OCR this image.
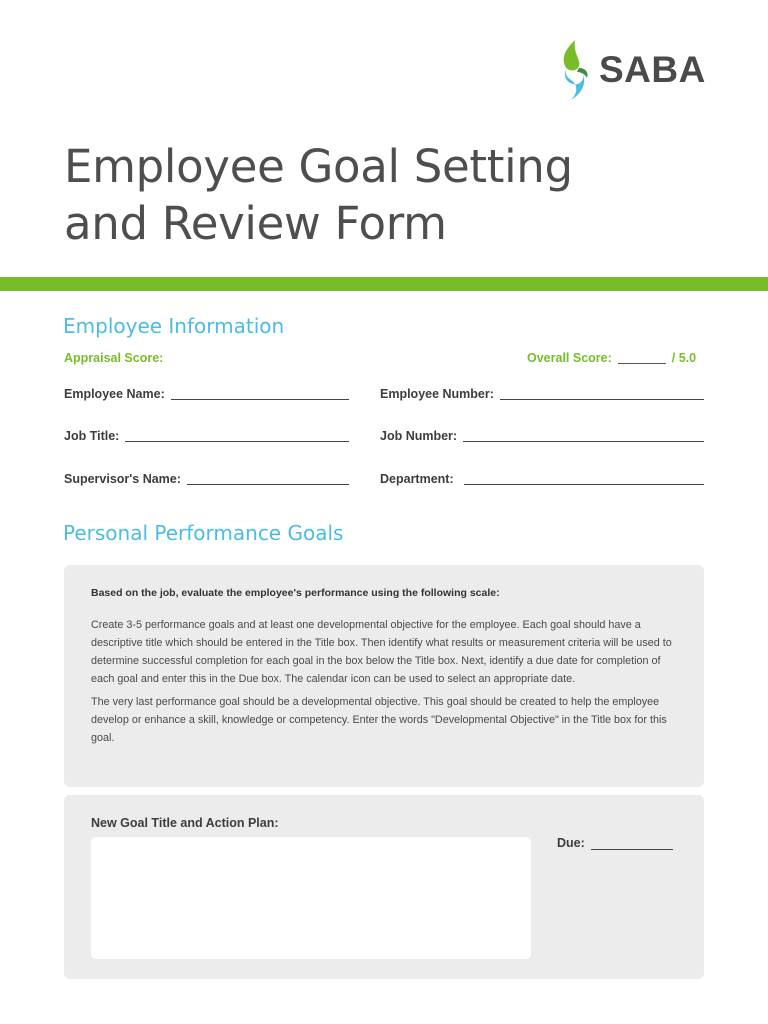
SABA
Employee Goal Setting
and Review Form
Employee Information
Appraisal Score:	Overall Score:	/ 5.0
Employee Name:	Employee Number:
Job Title:	Job Number:
Supervisor's Name:	Department:
Personal Performance Goals
Based on the job, evaluate the employee's performance using the following scale:

Create 3-5 performance goals and at least one developmental objective for the employee. Each goal should have a descriptive title which should be entered in the Title box. Then identify what results or measurement criteria will be used to determine successful completion for each goal in the box below the Title box. Next, identify a due date for completion of each goal and enter this in the Due box. The calendar icon can be used to select an appropriate date.

The very last performance goal should be a developmental objective. This goal should be created to help the employee develop or enhance a skill, knowledge or competency. Enter the words "Developmental Objective" in the Title box for this goal.

New Goal Title and Action Plan:
Due:
